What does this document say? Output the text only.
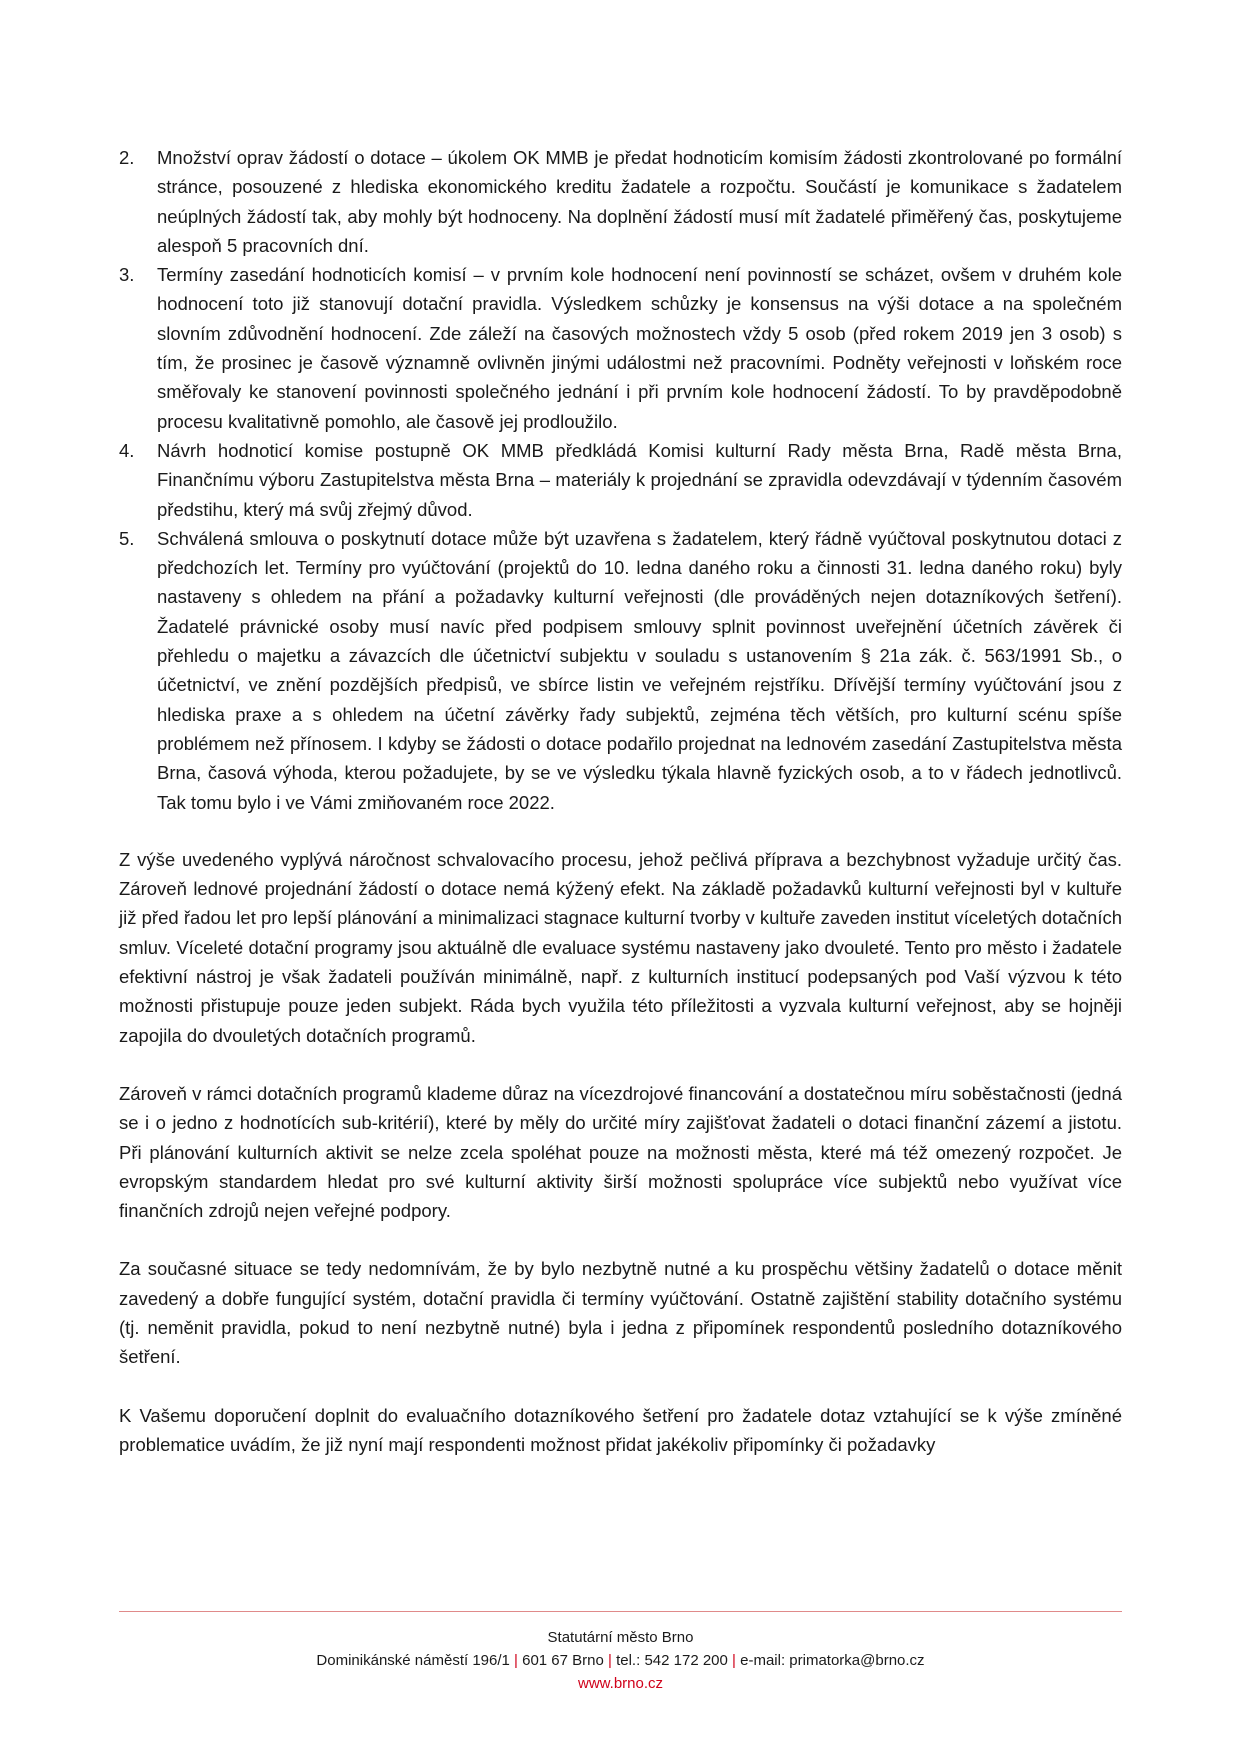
2. Množství oprav žádostí o dotace – úkolem OK MMB je předat hodnoticím komisím žádosti zkontrolované po formální stránce, posouzené z hlediska ekonomického kreditu žadatele a rozpočtu. Součástí je komunikace s žadatelem neúplných žádostí tak, aby mohly být hodnoceny. Na doplnění žádostí musí mít žadatelé přiměřený čas, poskytujeme alespoň 5 pracovních dní.
3. Termíny zasedání hodnoticích komisí – v prvním kole hodnocení není povinností se scházet, ovšem v druhém kole hodnocení toto již stanovují dotační pravidla. Výsledkem schůzky je konsensus na výši dotace a na společném slovním zdůvodnění hodnocení. Zde záleží na časových možnostech vždy 5 osob (před rokem 2019 jen 3 osob) s tím, že prosinec je časově významně ovlivněn jinými událostmi než pracovními. Podněty veřejnosti v loňském roce směřovaly ke stanovení povinnosti společného jednání i při prvním kole hodnocení žádostí. To by pravděpodobně procesu kvalitativně pomohlo, ale časově jej prodloužilo.
4. Návrh hodnoticí komise postupně OK MMB předkládá Komisi kulturní Rady města Brna, Radě města Brna, Finančnímu výboru Zastupitelstva města Brna – materiály k projednání se zpravidla odevzdávají v týdenním časovém předstihu, který má svůj zřejmý důvod.
5. Schválená smlouva o poskytnutí dotace může být uzavřena s žadatelem, který řádně vyúčtoval poskytnutou dotaci z předchozích let. Termíny pro vyúčtování (projektů do 10. ledna daného roku a činnosti 31. ledna daného roku) byly nastaveny s ohledem na přání a požadavky kulturní veřejnosti (dle prováděných nejen dotazníkových šetření). Žadatelé právnické osoby musí navíc před podpisem smlouvy splnit povinnost uveřejnění účetních závěrek či přehledu o majetku a závazcích dle účetnictví subjektu v souladu s ustanovením § 21a zák. č. 563/1991 Sb., o účetnictví, ve znění pozdějších předpisů, ve sbírce listin ve veřejném rejstříku. Dřívější termíny vyúčtování jsou z hlediska praxe a s ohledem na účetní závěrky řady subjektů, zejména těch větších, pro kulturní scénu spíše problémem než přínosem. I kdyby se žádosti o dotace podařilo projednat na lednovém zasedání Zastupitelstva města Brna, časová výhoda, kterou požadujete, by se ve výsledku týkala hlavně fyzických osob, a to v řádech jednotlivců. Tak tomu bylo i ve Vámi zmiňovaném roce 2022.

Z výše uvedeného vyplývá náročnost schvalovacího procesu, jehož pečlivá příprava a bezchybnost vyžaduje určitý čas. Zároveň lednové projednání žádostí o dotace nemá kýžený efekt. Na základě požadavků kulturní veřejnosti byl v kultuře již před řadou let pro lepší plánování a minimalizaci stagnace kulturní tvorby v kultuře zaveden institut víceletých dotačních smluv. Víceleté dotační programy jsou aktuálně dle evaluace systému nastaveny jako dvouleté. Tento pro město i žadatele efektivní nástroj je však žadateli používán minimálně, např. z kulturních institucí podepsaných pod Vaší výzvou k této možnosti přistupuje pouze jeden subjekt. Ráda bych využila této příležitosti a vyzvala kulturní veřejnost, aby se hojněji zapojila do dvouletých dotačních programů.

Zároveň v rámci dotačních programů klademe důraz na vícezdrojové financování a dostatečnou míru soběstačnosti (jedná se i o jedno z hodnotících sub-kritérií), které by měly do určité míry zajišťovat žadateli o dotaci finanční zázemí a jistotu. Při plánování kulturních aktivit se nelze zcela spoléhat pouze na možnosti města, které má též omezený rozpočet. Je evropským standardem hledat pro své kulturní aktivity širší možnosti spolupráce více subjektů nebo využívat více finančních zdrojů nejen veřejné podpory.

Za současné situace se tedy nedomnívám, že by bylo nezbytně nutné a ku prospěchu většiny žadatelů o dotace měnit zavedený a dobře fungující systém, dotační pravidla či termíny vyúčtování. Ostatně zajištění stability dotačního systému (tj. neměnit pravidla, pokud to není nezbytně nutné) byla i jedna z připomínek respondentů posledního dotazníkového šetření.

K Vašemu doporučení doplnit do evaluačního dotazníkového šetření pro žadatele dotaz vztahující se k výše zmíněné problematice uvádím, že již nyní mají respondenti možnost přidat jakékoliv připomínky či požadavky

Statutární město Brno
Dominikánské náměstí 196/1 | 601 67 Brno | tel.: 542 172 200 | e-mail: primatorka@brno.cz
www.brno.cz
